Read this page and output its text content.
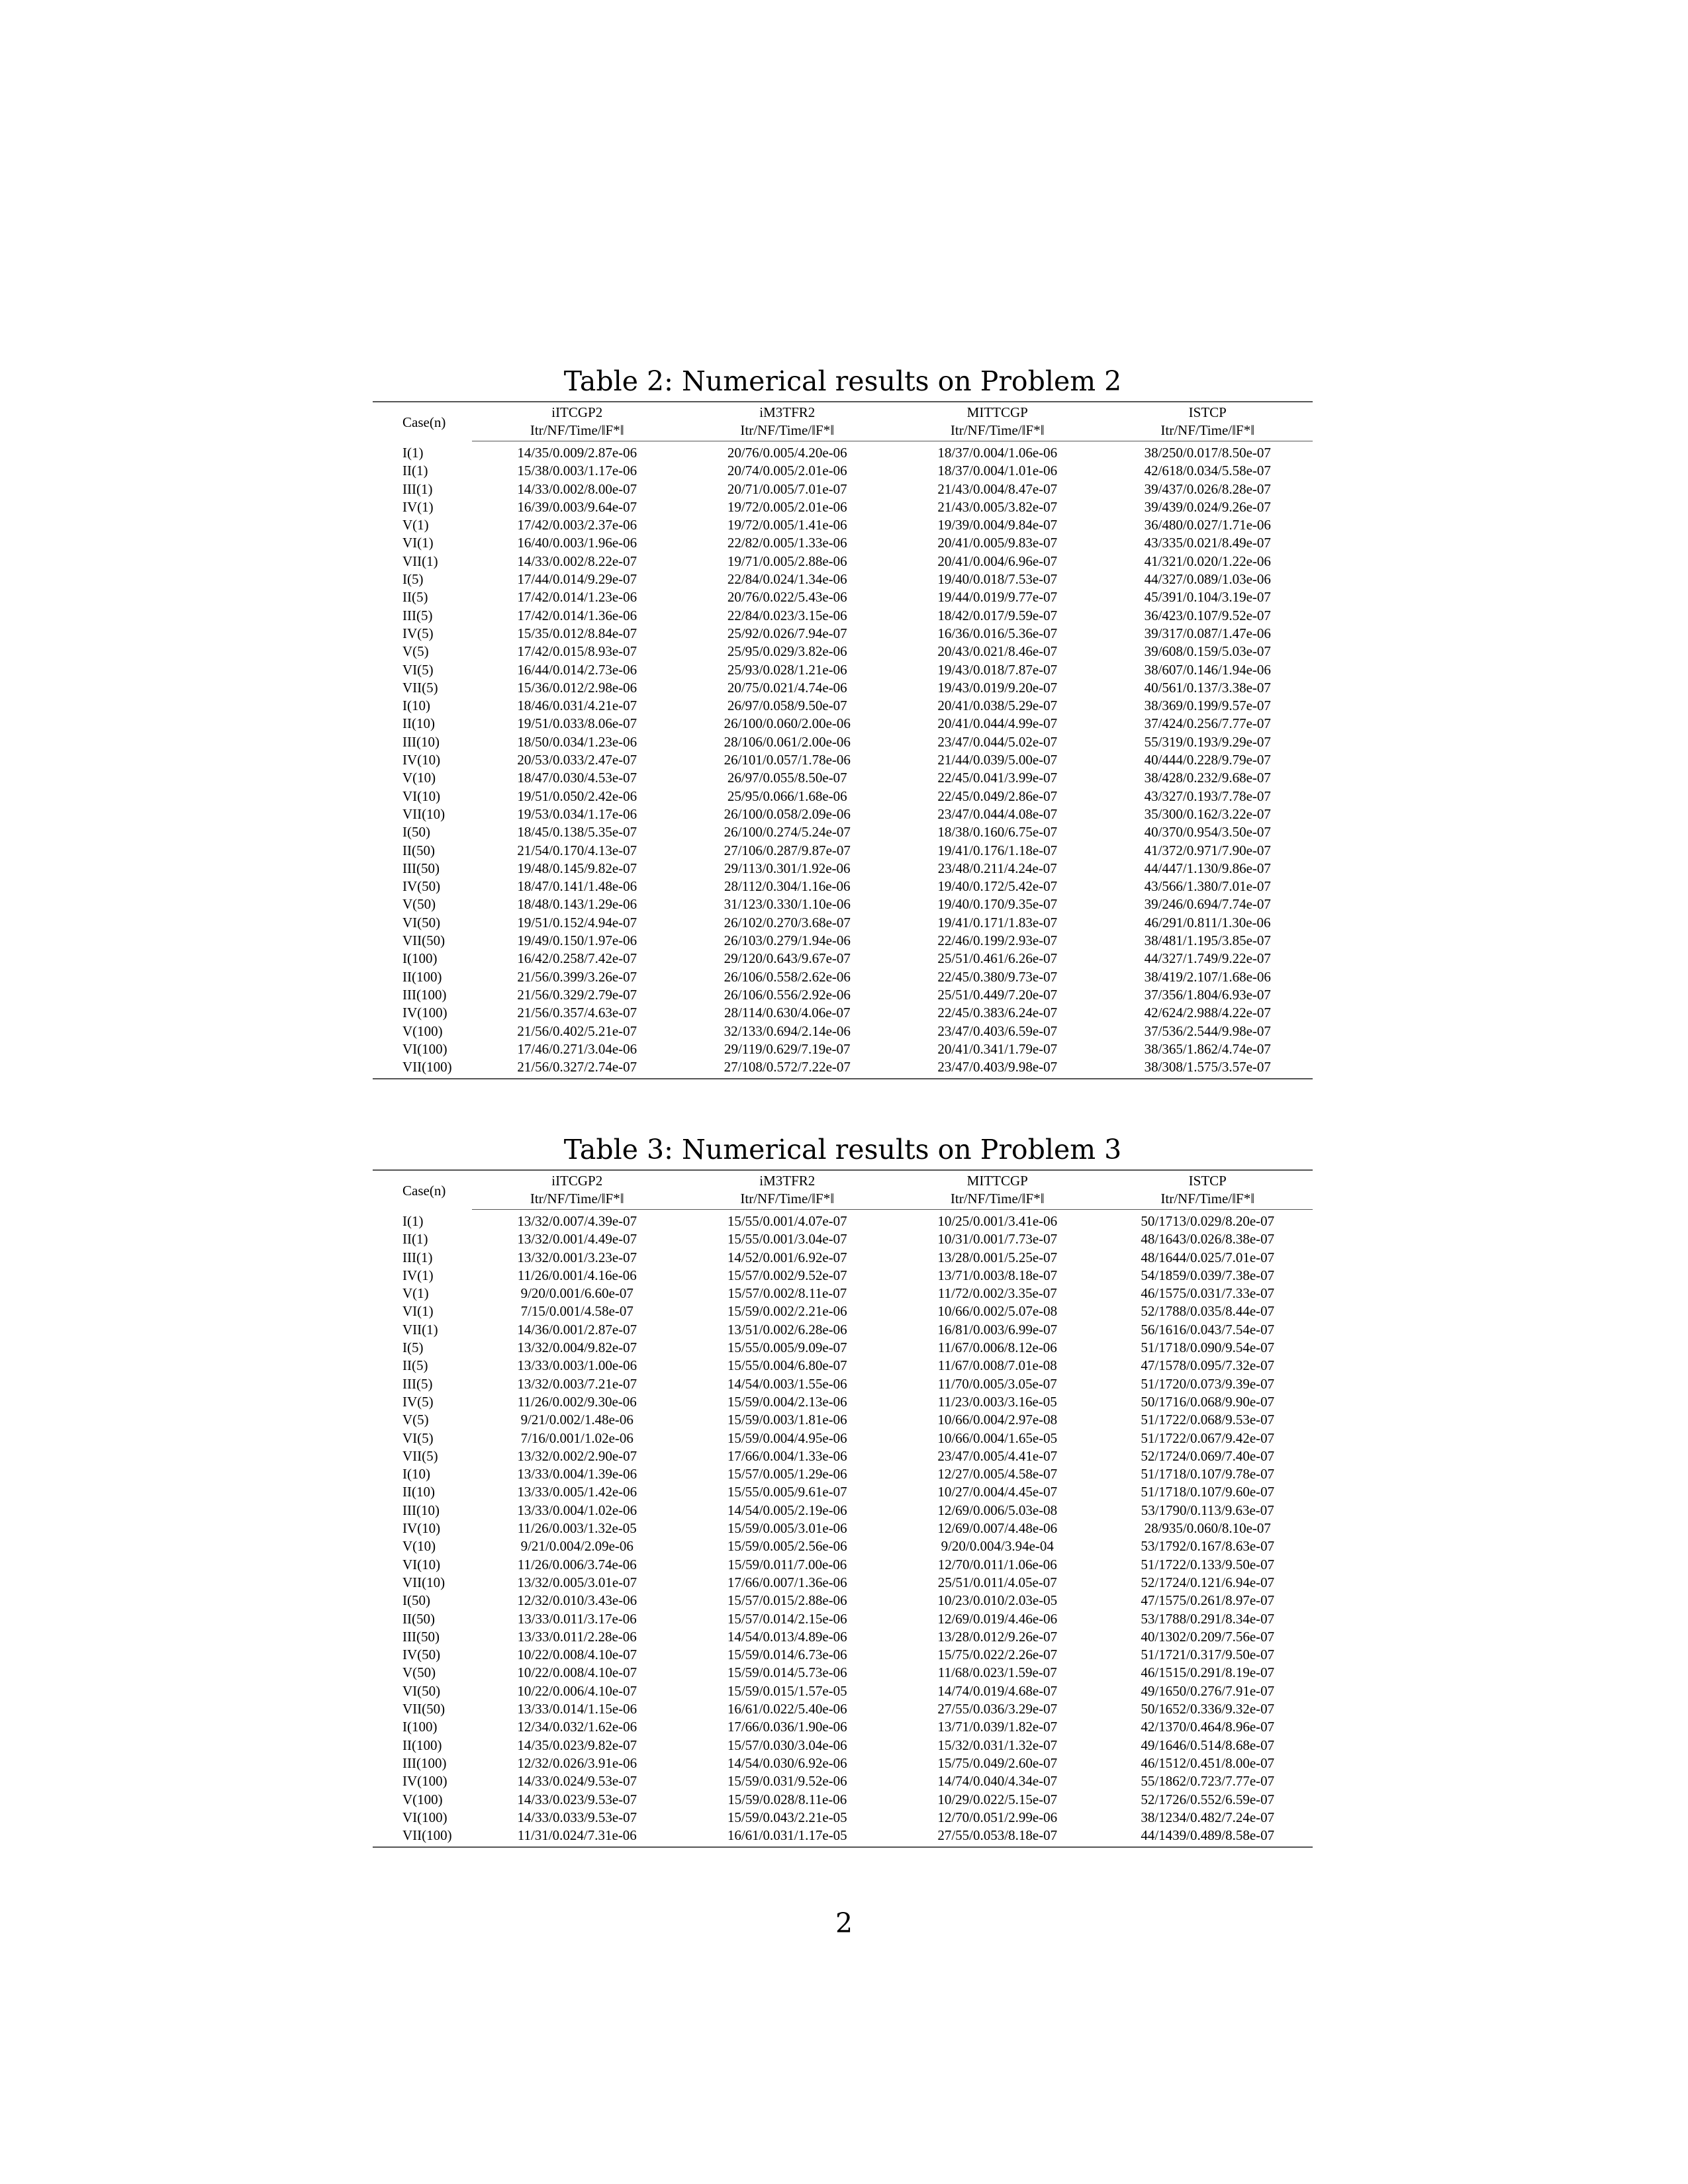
Table 2: Numerical results on Problem 2
Case(n)	iITCGP2	iM3TFR2	MITTCGP	ISTCP
	Itr/NF/Time/‖F*‖	Itr/NF/Time/‖F*‖	Itr/NF/Time/‖F*‖	Itr/NF/Time/‖F*‖
I(1)	14/35/0.009/2.87e-06	20/76/0.005/4.20e-06	18/37/0.004/1.06e-06	38/250/0.017/8.50e-07
II(1)	15/38/0.003/1.17e-06	20/74/0.005/2.01e-06	18/37/0.004/1.01e-06	42/618/0.034/5.58e-07
III(1)	14/33/0.002/8.00e-07	20/71/0.005/7.01e-07	21/43/0.004/8.47e-07	39/437/0.026/8.28e-07
IV(1)	16/39/0.003/9.64e-07	19/72/0.005/2.01e-06	21/43/0.005/3.82e-07	39/439/0.024/9.26e-07
V(1)	17/42/0.003/2.37e-06	19/72/0.005/1.41e-06	19/39/0.004/9.84e-07	36/480/0.027/1.71e-06
VI(1)	16/40/0.003/1.96e-06	22/82/0.005/1.33e-06	20/41/0.005/9.83e-07	43/335/0.021/8.49e-07
VII(1)	14/33/0.002/8.22e-07	19/71/0.005/2.88e-06	20/41/0.004/6.96e-07	41/321/0.020/1.22e-06
I(5)	17/44/0.014/9.29e-07	22/84/0.024/1.34e-06	19/40/0.018/7.53e-07	44/327/0.089/1.03e-06
II(5)	17/42/0.014/1.23e-06	20/76/0.022/5.43e-06	19/44/0.019/9.77e-07	45/391/0.104/3.19e-07
III(5)	17/42/0.014/1.36e-06	22/84/0.023/3.15e-06	18/42/0.017/9.59e-07	36/423/0.107/9.52e-07
IV(5)	15/35/0.012/8.84e-07	25/92/0.026/7.94e-07	16/36/0.016/5.36e-07	39/317/0.087/1.47e-06
V(5)	17/42/0.015/8.93e-07	25/95/0.029/3.82e-06	20/43/0.021/8.46e-07	39/608/0.159/5.03e-07
VI(5)	16/44/0.014/2.73e-06	25/93/0.028/1.21e-06	19/43/0.018/7.87e-07	38/607/0.146/1.94e-06
VII(5)	15/36/0.012/2.98e-06	20/75/0.021/4.74e-06	19/43/0.019/9.20e-07	40/561/0.137/3.38e-07
I(10)	18/46/0.031/4.21e-07	26/97/0.058/9.50e-07	20/41/0.038/5.29e-07	38/369/0.199/9.57e-07
II(10)	19/51/0.033/8.06e-07	26/100/0.060/2.00e-06	20/41/0.044/4.99e-07	37/424/0.256/7.77e-07
III(10)	18/50/0.034/1.23e-06	28/106/0.061/2.00e-06	23/47/0.044/5.02e-07	55/319/0.193/9.29e-07
IV(10)	20/53/0.033/2.47e-07	26/101/0.057/1.78e-06	21/44/0.039/5.00e-07	40/444/0.228/9.79e-07
V(10)	18/47/0.030/4.53e-07	26/97/0.055/8.50e-07	22/45/0.041/3.99e-07	38/428/0.232/9.68e-07
VI(10)	19/51/0.050/2.42e-06	25/95/0.066/1.68e-06	22/45/0.049/2.86e-07	43/327/0.193/7.78e-07
VII(10)	19/53/0.034/1.17e-06	26/100/0.058/2.09e-06	23/47/0.044/4.08e-07	35/300/0.162/3.22e-07
I(50)	18/45/0.138/5.35e-07	26/100/0.274/5.24e-07	18/38/0.160/6.75e-07	40/370/0.954/3.50e-07
II(50)	21/54/0.170/4.13e-07	27/106/0.287/9.87e-07	19/41/0.176/1.18e-07	41/372/0.971/7.90e-07
III(50)	19/48/0.145/9.82e-07	29/113/0.301/1.92e-06	23/48/0.211/4.24e-07	44/447/1.130/9.86e-07
IV(50)	18/47/0.141/1.48e-06	28/112/0.304/1.16e-06	19/40/0.172/5.42e-07	43/566/1.380/7.01e-07
V(50)	18/48/0.143/1.29e-06	31/123/0.330/1.10e-06	19/40/0.170/9.35e-07	39/246/0.694/7.74e-07
VI(50)	19/51/0.152/4.94e-07	26/102/0.270/3.68e-07	19/41/0.171/1.83e-07	46/291/0.811/1.30e-06
VII(50)	19/49/0.150/1.97e-06	26/103/0.279/1.94e-06	22/46/0.199/2.93e-07	38/481/1.195/3.85e-07
I(100)	16/42/0.258/7.42e-07	29/120/0.643/9.67e-07	25/51/0.461/6.26e-07	44/327/1.749/9.22e-07
II(100)	21/56/0.399/3.26e-07	26/106/0.558/2.62e-06	22/45/0.380/9.73e-07	38/419/2.107/1.68e-06
III(100)	21/56/0.329/2.79e-07	26/106/0.556/2.92e-06	25/51/0.449/7.20e-07	37/356/1.804/6.93e-07
IV(100)	21/56/0.357/4.63e-07	28/114/0.630/4.06e-07	22/45/0.383/6.24e-07	42/624/2.988/4.22e-07
V(100)	21/56/0.402/5.21e-07	32/133/0.694/2.14e-06	23/47/0.403/6.59e-07	37/536/2.544/9.98e-07
VI(100)	17/46/0.271/3.04e-06	29/119/0.629/7.19e-07	20/41/0.341/1.79e-07	38/365/1.862/4.74e-07
VII(100)	21/56/0.327/2.74e-07	27/108/0.572/7.22e-07	23/47/0.403/9.98e-07	38/308/1.575/3.57e-07
Table 3: Numerical results on Problem 3
Case(n)	iITCGP2	iM3TFR2	MITTCGP	ISTCP
	Itr/NF/Time/‖F*‖	Itr/NF/Time/‖F*‖	Itr/NF/Time/‖F*‖	Itr/NF/Time/‖F*‖
I(1)	13/32/0.007/4.39e-07	15/55/0.001/4.07e-07	10/25/0.001/3.41e-06	50/1713/0.029/8.20e-07
II(1)	13/32/0.001/4.49e-07	15/55/0.001/3.04e-07	10/31/0.001/7.73e-07	48/1643/0.026/8.38e-07
III(1)	13/32/0.001/3.23e-07	14/52/0.001/6.92e-07	13/28/0.001/5.25e-07	48/1644/0.025/7.01e-07
IV(1)	11/26/0.001/4.16e-06	15/57/0.002/9.52e-07	13/71/0.003/8.18e-07	54/1859/0.039/7.38e-07
V(1)	9/20/0.001/6.60e-07	15/57/0.002/8.11e-07	11/72/0.002/3.35e-07	46/1575/0.031/7.33e-07
VI(1)	7/15/0.001/4.58e-07	15/59/0.002/2.21e-06	10/66/0.002/5.07e-08	52/1788/0.035/8.44e-07
VII(1)	14/36/0.001/2.87e-07	13/51/0.002/6.28e-06	16/81/0.003/6.99e-07	56/1616/0.043/7.54e-07
I(5)	13/32/0.004/9.82e-07	15/55/0.005/9.09e-07	11/67/0.006/8.12e-06	51/1718/0.090/9.54e-07
II(5)	13/33/0.003/1.00e-06	15/55/0.004/6.80e-07	11/67/0.008/7.01e-08	47/1578/0.095/7.32e-07
III(5)	13/32/0.003/7.21e-07	14/54/0.003/1.55e-06	11/70/0.005/3.05e-07	51/1720/0.073/9.39e-07
IV(5)	11/26/0.002/9.30e-06	15/59/0.004/2.13e-06	11/23/0.003/3.16e-05	50/1716/0.068/9.90e-07
V(5)	9/21/0.002/1.48e-06	15/59/0.003/1.81e-06	10/66/0.004/2.97e-08	51/1722/0.068/9.53e-07
VI(5)	7/16/0.001/1.02e-06	15/59/0.004/4.95e-06	10/66/0.004/1.65e-05	51/1722/0.067/9.42e-07
VII(5)	13/32/0.002/2.90e-07	17/66/0.004/1.33e-06	23/47/0.005/4.41e-07	52/1724/0.069/7.40e-07
I(10)	13/33/0.004/1.39e-06	15/57/0.005/1.29e-06	12/27/0.005/4.58e-07	51/1718/0.107/9.78e-07
II(10)	13/33/0.005/1.42e-06	15/55/0.005/9.61e-07	10/27/0.004/4.45e-07	51/1718/0.107/9.60e-07
III(10)	13/33/0.004/1.02e-06	14/54/0.005/2.19e-06	12/69/0.006/5.03e-08	53/1790/0.113/9.63e-07
IV(10)	11/26/0.003/1.32e-05	15/59/0.005/3.01e-06	12/69/0.007/4.48e-06	28/935/0.060/8.10e-07
V(10)	9/21/0.004/2.09e-06	15/59/0.005/2.56e-06	9/20/0.004/3.94e-04	53/1792/0.167/8.63e-07
VI(10)	11/26/0.006/3.74e-06	15/59/0.011/7.00e-06	12/70/0.011/1.06e-06	51/1722/0.133/9.50e-07
VII(10)	13/32/0.005/3.01e-07	17/66/0.007/1.36e-06	25/51/0.011/4.05e-07	52/1724/0.121/6.94e-07
I(50)	12/32/0.010/3.43e-06	15/57/0.015/2.88e-06	10/23/0.010/2.03e-05	47/1575/0.261/8.97e-07
II(50)	13/33/0.011/3.17e-06	15/57/0.014/2.15e-06	12/69/0.019/4.46e-06	53/1788/0.291/8.34e-07
III(50)	13/33/0.011/2.28e-06	14/54/0.013/4.89e-06	13/28/0.012/9.26e-07	40/1302/0.209/7.56e-07
IV(50)	10/22/0.008/4.10e-07	15/59/0.014/6.73e-06	15/75/0.022/2.26e-07	51/1721/0.317/9.50e-07
V(50)	10/22/0.008/4.10e-07	15/59/0.014/5.73e-06	11/68/0.023/1.59e-07	46/1515/0.291/8.19e-07
VI(50)	10/22/0.006/4.10e-07	15/59/0.015/1.57e-05	14/74/0.019/4.68e-07	49/1650/0.276/7.91e-07
VII(50)	13/33/0.014/1.15e-06	16/61/0.022/5.40e-06	27/55/0.036/3.29e-07	50/1652/0.336/9.32e-07
I(100)	12/34/0.032/1.62e-06	17/66/0.036/1.90e-06	13/71/0.039/1.82e-07	42/1370/0.464/8.96e-07
II(100)	14/35/0.023/9.82e-07	15/57/0.030/3.04e-06	15/32/0.031/1.32e-07	49/1646/0.514/8.68e-07
III(100)	12/32/0.026/3.91e-06	14/54/0.030/6.92e-06	15/75/0.049/2.60e-07	46/1512/0.451/8.00e-07
IV(100)	14/33/0.024/9.53e-07	15/59/0.031/9.52e-06	14/74/0.040/4.34e-07	55/1862/0.723/7.77e-07
V(100)	14/33/0.023/9.53e-07	15/59/0.028/8.11e-06	10/29/0.022/5.15e-07	52/1726/0.552/6.59e-07
VI(100)	14/33/0.033/9.53e-07	15/59/0.043/2.21e-05	12/70/0.051/2.99e-06	38/1234/0.482/7.24e-07
VII(100)	11/31/0.024/7.31e-06	16/61/0.031/1.17e-05	27/55/0.053/8.18e-07	44/1439/0.489/8.58e-07
2
